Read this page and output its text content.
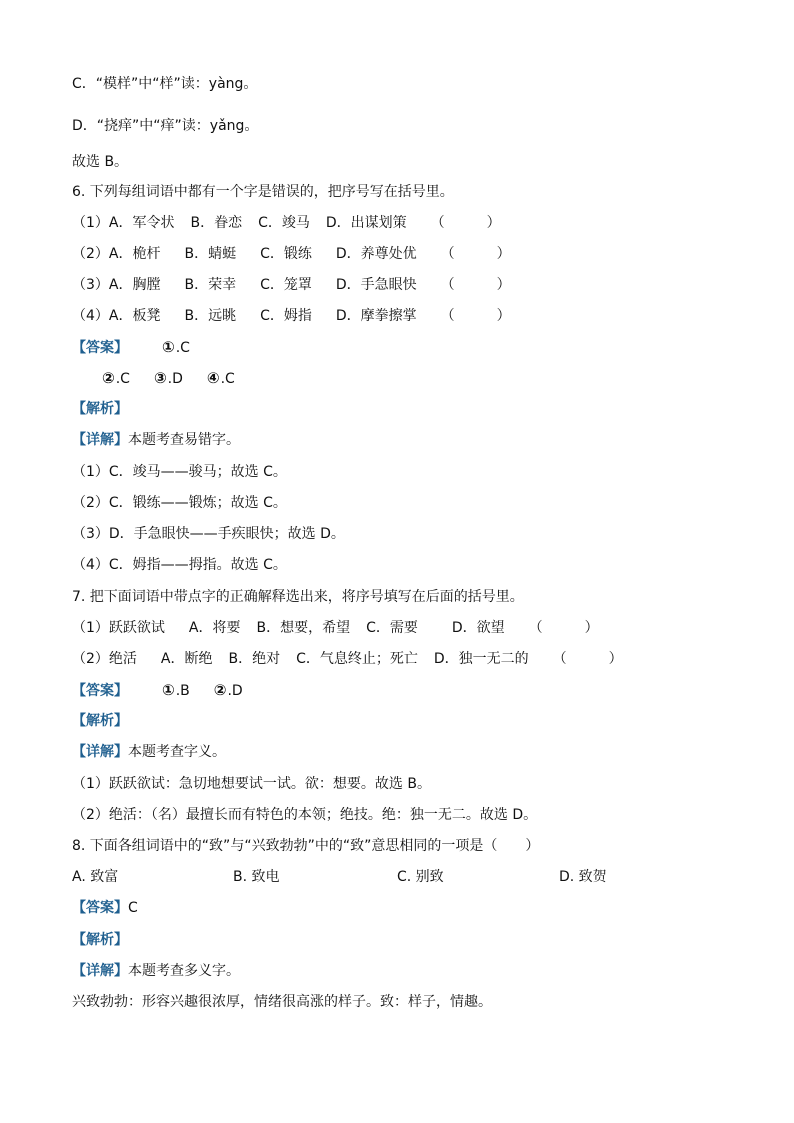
C．“模样”中“样”读：yàng。
D．“挠痒”中“痒”读：yǎng。
故选 B。
6. 下列每组词语中都有一个字是错误的，把序号写在括号里。
（1）A．军令状 B．眷恋 C．竣马 D．出谋划策 （　　　）
（2）A．桅杆 B．蜻蜓 C．锻练 D．养尊处优 （　　　）
（3）A．胸膛 B．荣幸 C．笼罩 D．手急眼快 （　　　）
（4）A．板凳 B．远眺 C．姆指 D．摩拳擦掌 （　　　）
【答案】 ①.C
②.C ③.D ④.C
【解析】
【详解】本题考查易错字。
（1）C．竣马——骏马；故选 C。
（2）C．锻练——锻炼；故选 C。
（3）D．手急眼快——手疾眼快；故选 D。
（4）C．姆指——拇指。故选 C。
7. 把下面词语中带点字的正确解释选出来，将序号填写在后面的括号里。
（1）跃跃欲试 A．将要 B．想要，希望 C．需要 D．欲望 （　　　）
（2）绝活 A．断绝 B．绝对 C．气息终止；死亡 D．独一无二的 （　　　）
【答案】 ①.B ②.D
【解析】
【详解】本题考查字义。
（1）跃跃欲试：急切地想要试一试。欲：想要。故选 B。
（2）绝活：（名）最擅长而有特色的本领；绝技。绝：独一无二。故选 D。
8. 下面各组词语中的“致”与“兴致勃勃”中的“致”意思相同的一项是（　　）
A. 致富	B. 致电	C. 别致	D. 致贺
【答案】C
【解析】
【详解】本题考查多义字。
兴致勃勃：形容兴趣很浓厚，情绪很高涨的样子。致：样子，情趣。
